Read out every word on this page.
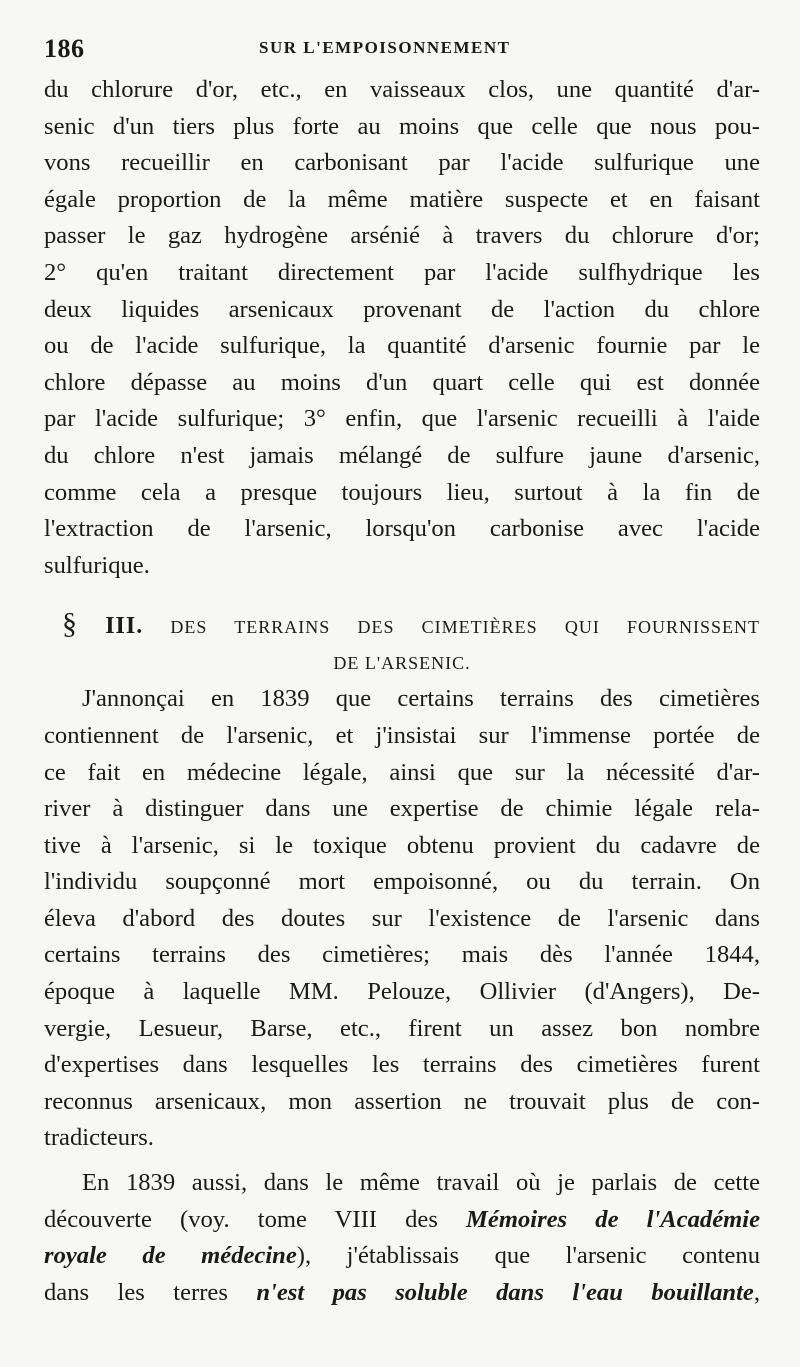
186	SUR L'EMPOISONNEMENT

du chlorure d'or, etc., en vaisseaux clos, une quantité d'ar-

senic d'un tiers plus forte au moins que celle que nous pou-

vons recueillir en carbonisant par l'acide sulfurique une

égale proportion de la même matière suspecte et en faisant

passer le gaz hydrogène arsénié à travers du chlorure d'or;

2° qu'en traitant directement par l'acide sulfhydrique les

deux liquides arsenicaux provenant de l'action du chlore

ou de l'acide sulfurique, la quantité d'arsenic fournie par le

chlore dépasse au moins d'un quart celle qui est donnée

par l'acide sulfurique; 3° enfin, que l'arsenic recueilli à l'aide

du chlore n'est jamais mélangé de sulfure jaune d'arsenic,

comme cela a presque toujours lieu, surtout à la fin de

l'extraction de l'arsenic, lorsqu'on carbonise avec l'acide

sulfurique.

§ III. DES TERRAINS DES CIMETIÈRES QUI FOURNISSENT
DE L'ARSENIC.

J'annonçai en 1839 que certains terrains des cimetières

contiennent de l'arsenic, et j'insistai sur l'immense portée de

ce fait en médecine légale, ainsi que sur la nécessité d'ar-

river à distinguer dans une expertise de chimie légale rela-

tive à l'arsenic, si le toxique obtenu provient du cadavre de

l'individu soupçonné mort empoisonné, ou du terrain. On

éleva d'abord des doutes sur l'existence de l'arsenic dans

certains terrains des cimetières; mais dès l'année 1844,

époque à laquelle MM. Pelouze, Ollivier (d'Angers), De-

vergie, Lesueur, Barse, etc., firent un assez bon nombre

d'expertises dans lesquelles les terrains des cimetières furent

reconnus arsenicaux, mon assertion ne trouvait plus de con-

tradicteurs.

En 1839 aussi, dans le même travail où je parlais de cette

découverte (voy. tome VIII des Mémoires de l'Académie

royale de médecine), j'établissais que l'arsenic contenu

dans les terres n'est pas soluble dans l'eau bouillante,
